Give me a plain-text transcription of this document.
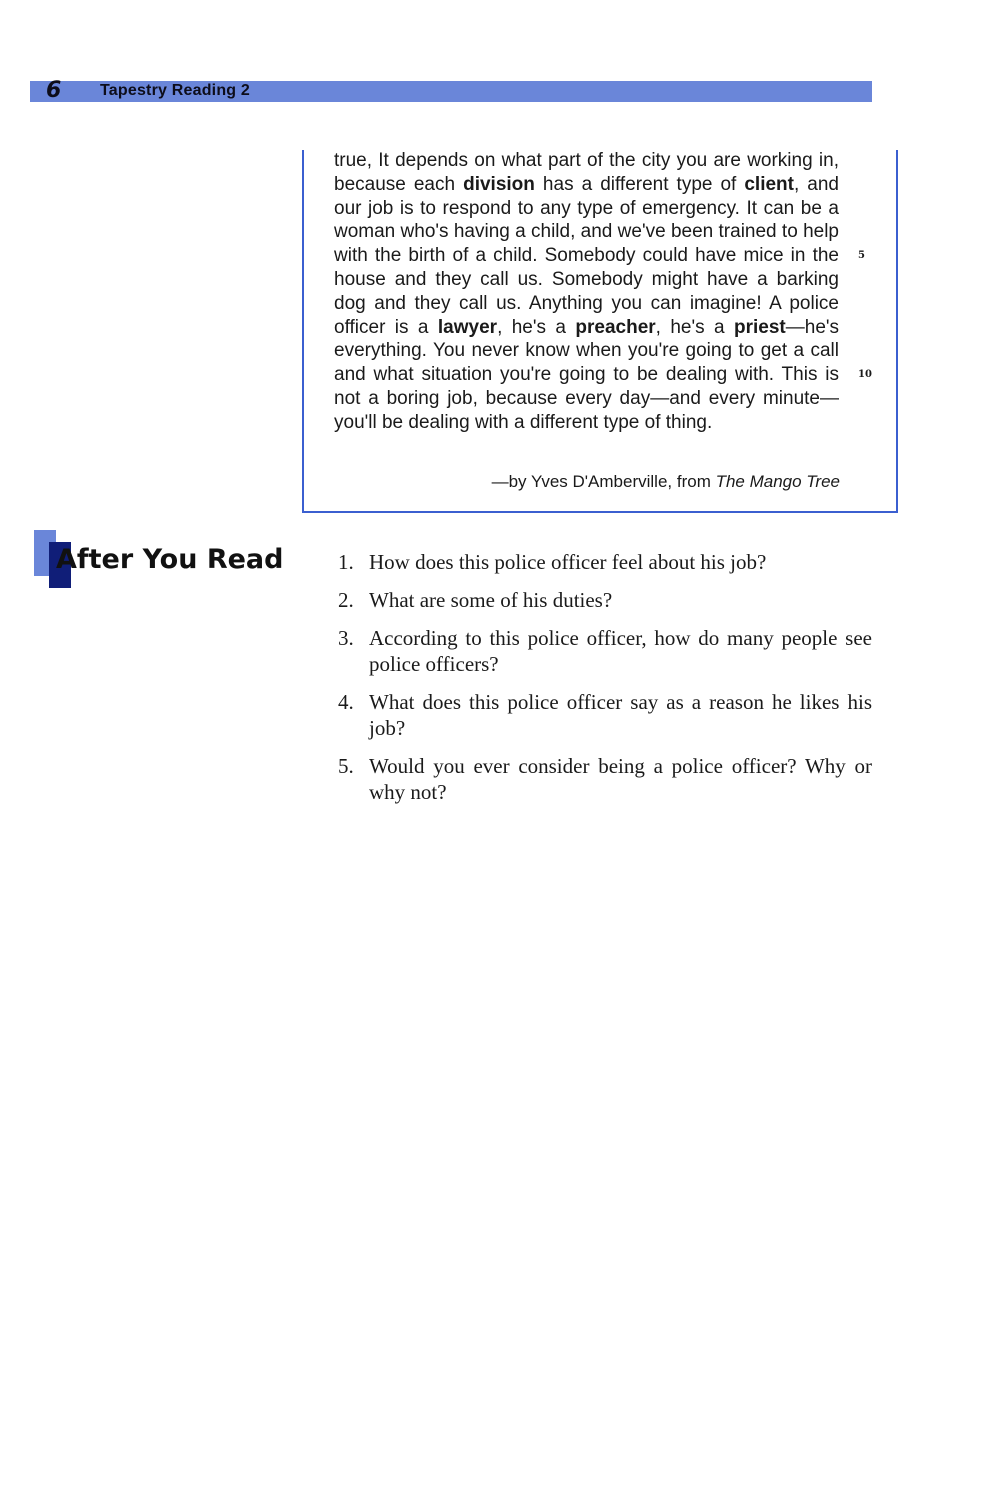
6 Tapestry Reading 2
true, It depends on what part of the city you are working in, because each division has a different type of client, and our job is to respond to any type of emergency. It can be a woman who's having a child, and we've been trained to help with the birth of a child. Somebody could have mice in the house and they call us. Somebody might have a barking dog and they call us. Anything you can imagine! A police officer is a lawyer, he's a preacher, he's a priest—he's everything. You never know when you're going to get a call and what situation you're going to be dealing with. This is not a boring job, because every day—and every minute—you'll be dealing with a different type of thing.
5
10
—by Yves D'Amberville, from The Mango Tree
After You Read	1. How does this police officer feel about his job?
2. What are some of his duties?
3. According to this police officer, how do many people see police officers?
4. What does this police officer say as a reason he likes his job?
5. Would you ever consider being a police officer? Why or why not?
